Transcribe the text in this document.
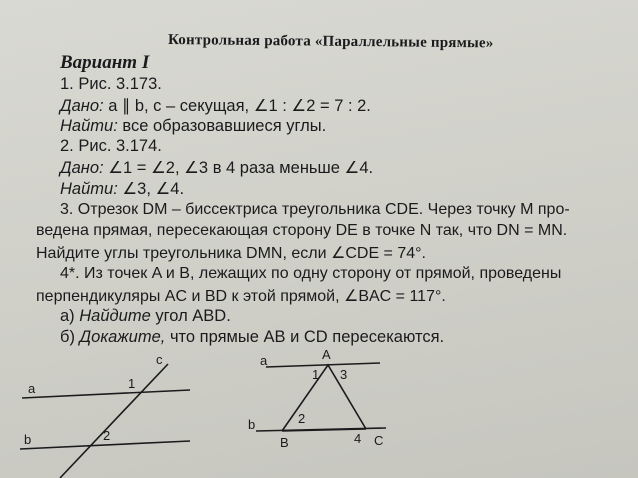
Контрольная работа «Параллельные прямые»
Вариант I
1. Рис. 3.173.
Дано: a ∥ b, c – секущая, ∠1 : ∠2 = 7 : 2.
Найти: все образовавшиеся углы.
2. Рис. 3.174.
Дано: ∠1 = ∠2, ∠3 в 4 раза меньше ∠4.
Найти: ∠3, ∠4.
3. Отрезок DM – биссектриса треугольника CDE. Через точку M про-
ведена прямая, пересекающая сторону DE в точке N так, что DN = MN.
Найдите углы треугольника DMN, если ∠CDE = 74°.
4*. Из точек A и B, лежащих по одну сторону от прямой, проведены
перпендикуляры AC и BD к этой прямой, ∠BAC = 117°.
а) Найдите угол ABD.
б) Докажите, что прямые AB и CD пересекаются.
a
b
c
1
2
a
b
A
B	C
1 3
2
4
